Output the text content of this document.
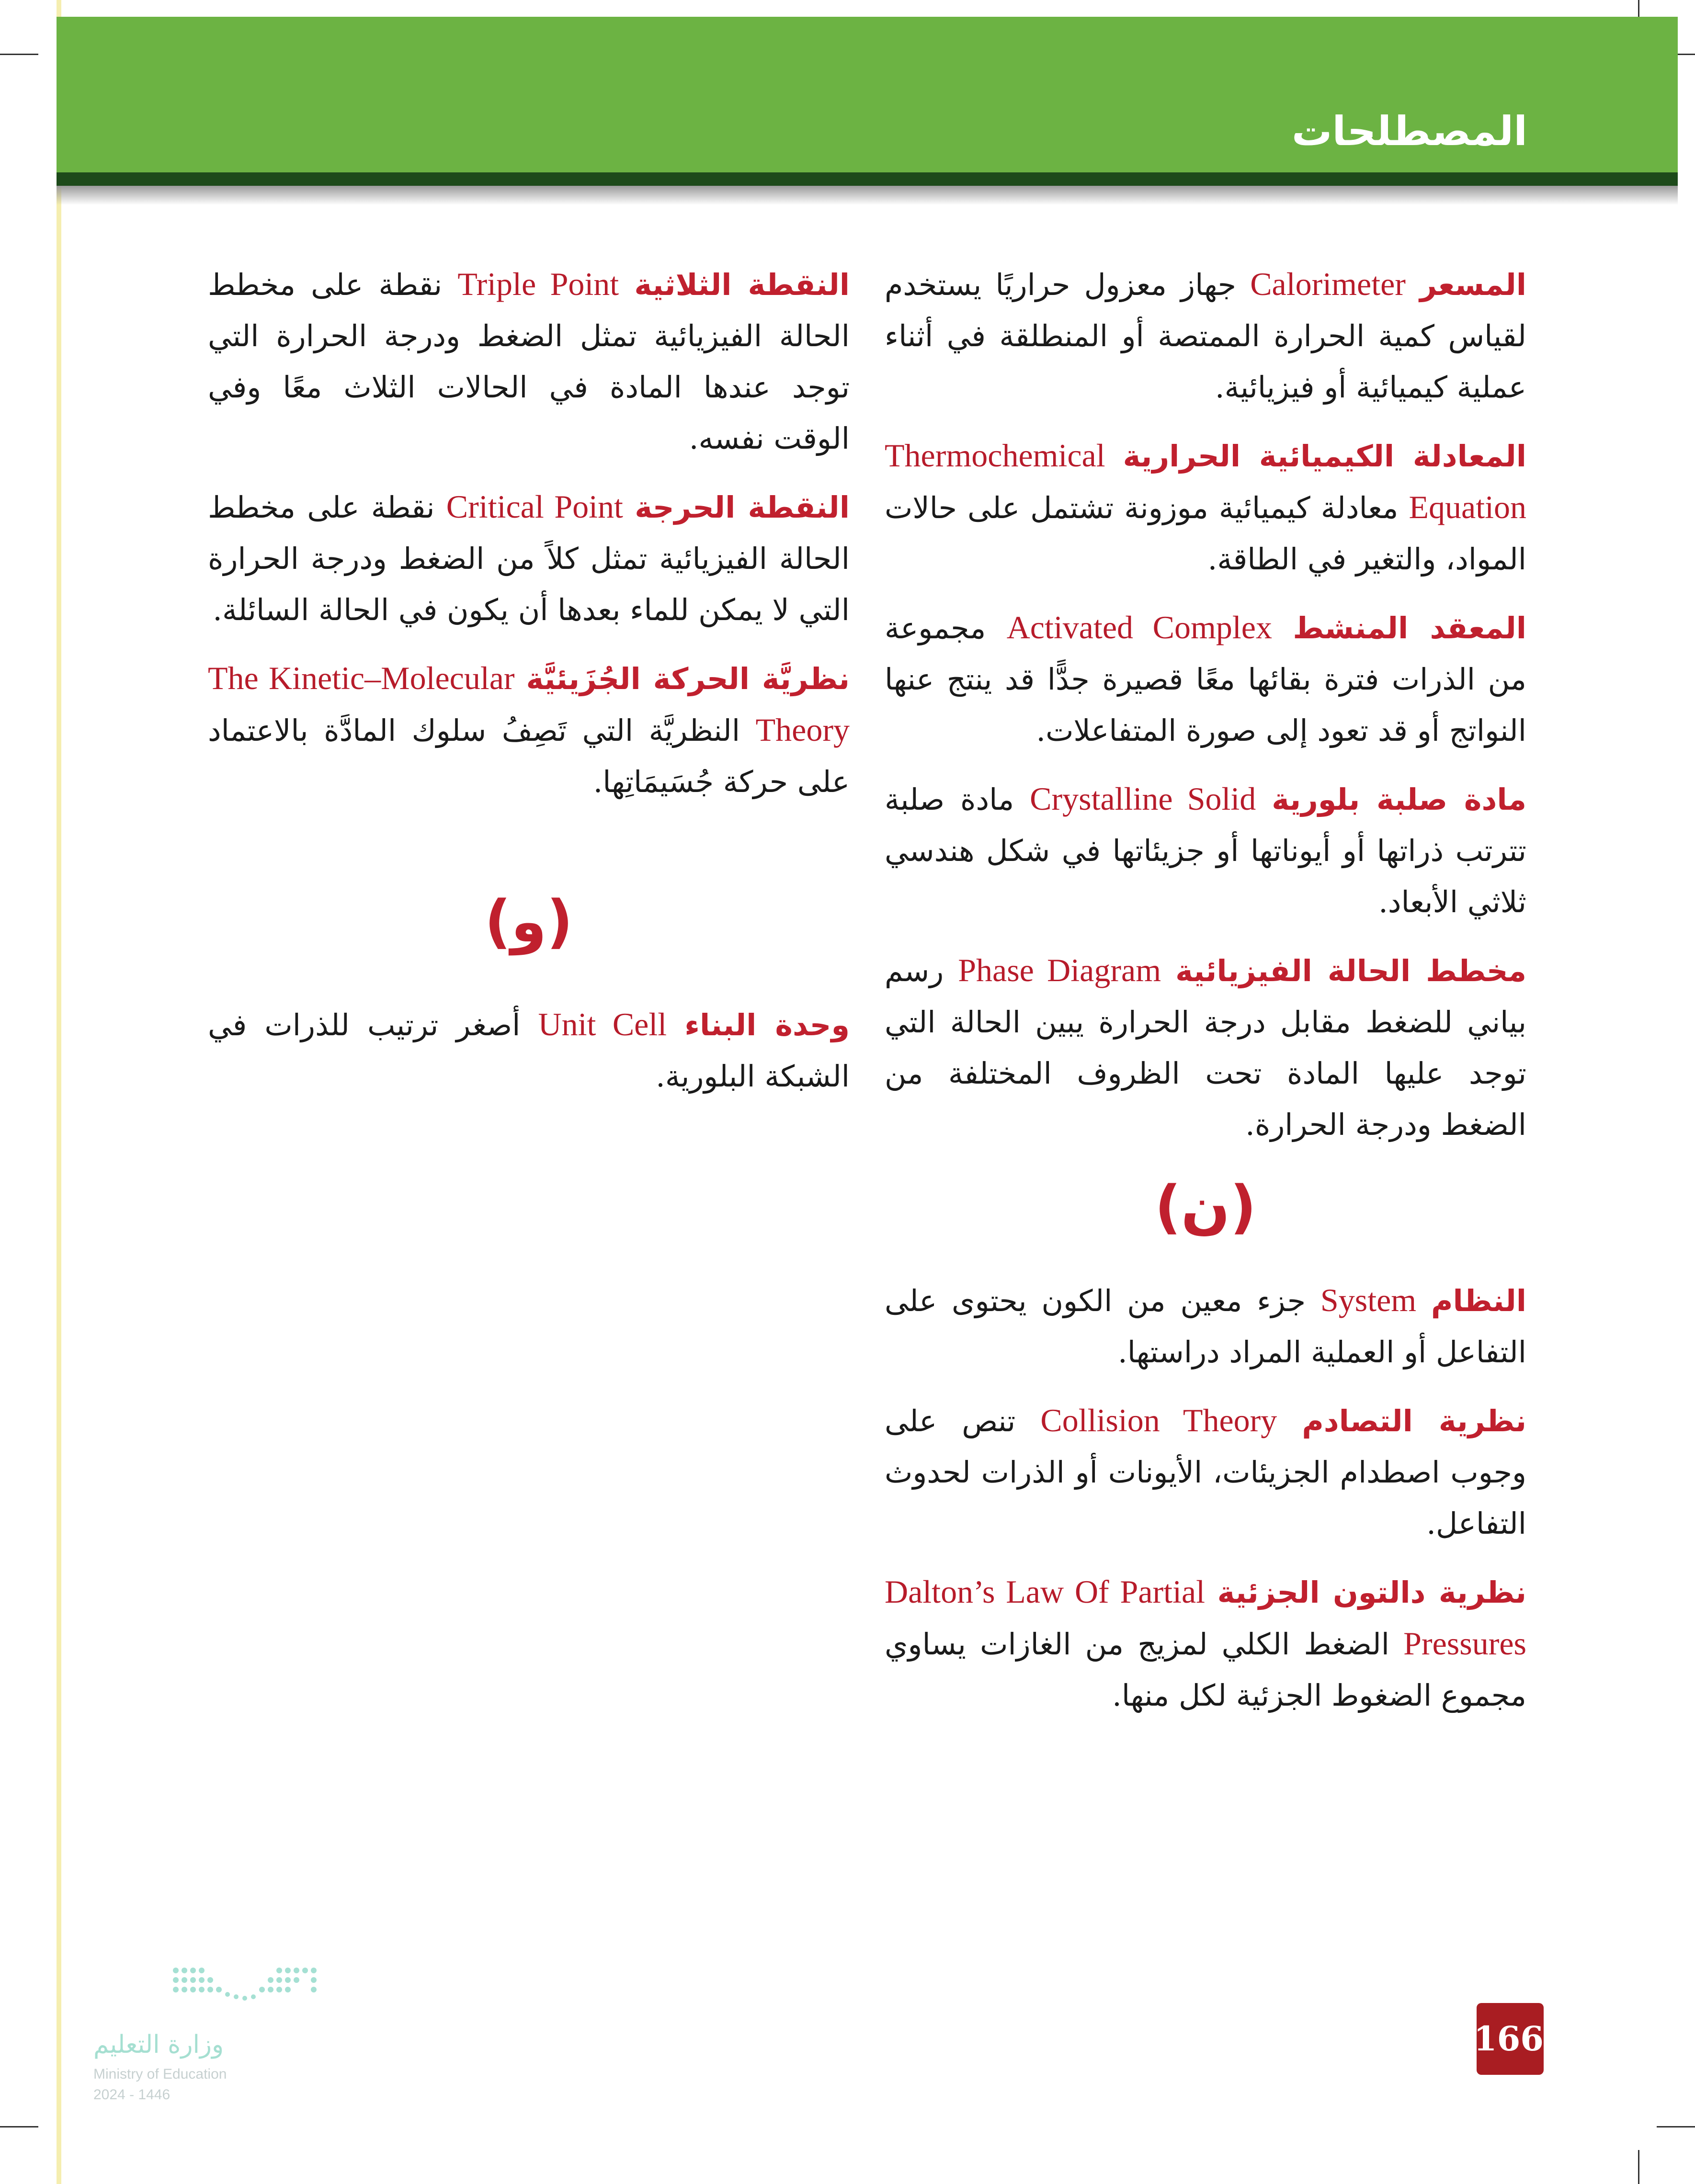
المصطلحات

المسعر Calorimeter جهاز معزول حراريًا يستخدم لقياس كمية الحرارة الممتصة أو المنطلقة في أثناء عملية كيميائية أو فيزيائية.

المعادلة الكيميائية الحرارية Thermochemical Equation معادلة كيميائية موزونة تشتمل على حالات المواد، والتغير في الطاقة.

المعقد المنشط Activated Complex مجموعة من الذرات فترة بقائها معًا قصيرة جدًّا قد ينتج عنها النواتج أو قد تعود إلى صورة المتفاعلات.

مادة صلبة بلورية Crystalline Solid مادة صلبة تترتب ذراتها أو أيوناتها أو جزيئاتها في شكل هندسي ثلاثي الأبعاد.

مخطط الحالة الفيزيائية Phase Diagram رسم بياني للضغط مقابل درجة الحرارة يبين الحالة التي توجد عليها المادة تحت الظروف المختلفة من الضغط ودرجة الحرارة.

(ن)

النظام System جزء معين من الكون يحتوى على التفاعل أو العملية المراد دراستها.

نظرية التصادم Collision Theory تنص على وجوب اصطدام الجزيئات، الأيونات أو الذرات لحدوث التفاعل.

نظرية دالتون الجزئية Dalton’s Law Of Partial Pressures الضغط الكلي لمزيج من الغازات يساوي مجموع الضغوط الجزئية لكل منها.

النقطة الثلاثية Triple Point نقطة على مخطط الحالة الفيزيائية تمثل الضغط ودرجة الحرارة التي توجد عندها المادة في الحالات الثلاث معًا وفي الوقت نفسه.

النقطة الحرجة Critical Point نقطة على مخطط الحالة الفيزيائية تمثل كلاً من الضغط ودرجة الحرارة التي لا يمكن للماء بعدها أن يكون في الحالة السائلة.

نظريَّة الحركة الجُزَيئيَّة The Kinetic–Molecular Theory النظريَّة التي تَصِفُ سلوك المادَّة بالاعتماد على حركة جُسَيمَاتِها.

(و)

وحدة البناء Unit Cell أصغر ترتيب للذرات في الشبكة البلورية.

وزارة التعليم

Ministry of Education

2024 - 1446

166
